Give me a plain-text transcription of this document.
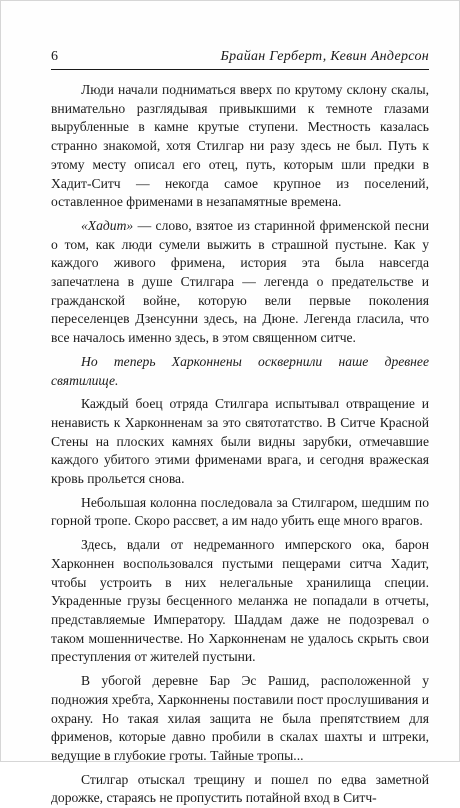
6	Брайан Герберт, Кевин Андерсон

Люди начали подниматься вверх по крутому склону скалы, внимательно разглядывая привыкшими к темноте глазами вырубленные в камне крутые ступени. Местность казалась странно знакомой, хотя Стилгар ни разу здесь не был. Путь к этому месту описал его отец, путь, которым шли предки в Хадит-Ситч — некогда самое крупное из поселений, оставленное фрименами в незапамятные времена.

«Хадит» — слово, взятое из старинной фрименской песни о том, как люди сумели выжить в страшной пустыне. Как у каждого живого фримена, история эта была навсегда запечатлена в душе Стилгара — легенда о предательстве и гражданской войне, которую вели первые поколения переселенцев Дзенсунни здесь, на Дюне. Легенда гласила, что все началось именно здесь, в этом священном ситче.

Но теперь Харконнены осквернили наше древнее святилище.

Каждый боец отряда Стилгара испытывал отвращение и ненависть к Харконненам за это святотатство. В Ситче Красной Стены на плоских камнях были видны зарубки, отмечавшие каждого убитого этими фрименами врага, и сегодня вражеская кровь прольется снова.

Небольшая колонна последовала за Стилгаром, шедшим по горной тропе. Скоро рассвет, а им надо убить еще много врагов.

Здесь, вдали от недреманного имперского ока, барон Харконнен воспользовался пустыми пещерами ситча Хадит, чтобы устроить в них нелегальные хранилища специи. Украденные грузы бесценного меланжа не попадали в отчеты, представляемые Императору. Шаддам даже не подозревал о таком мошенничестве. Но Харконненам не удалось скрыть свои преступления от жителей пустыни.

В убогой деревне Бар Эс Рашид, расположенной у подножия хребта, Харконнены поставили пост прослушивания и охрану. Но такая хилая защита не была препятствием для фрименов, которые давно пробили в скалах шахты и штреки, ведущие в глубокие гроты. Тайные тропы...

Стилгар отыскал трещину и пошел по едва заметной дорожке, стараясь не пропустить потайной вход в Ситч-
